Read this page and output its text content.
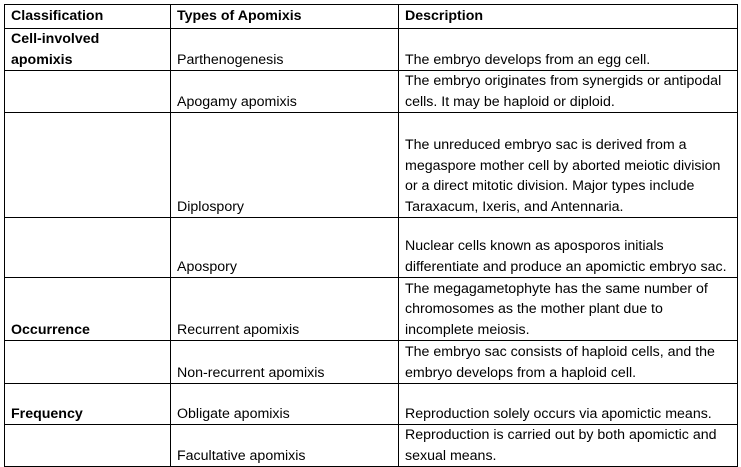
Classification	Types of Apomixis	Description
Cell-involved apomixis	Parthenogenesis	The embryo develops from an egg cell.
	Apogamy apomixis	The embryo originates from synergids or antipodal cells. It may be haploid or diploid.
	Diplospory	The unreduced embryo sac is derived from a megaspore mother cell by aborted meiotic division or a direct mitotic division. Major types include Taraxacum, Ixeris, and Antennaria.
	Apospory	Nuclear cells known as aposporos initials differentiate and produce an apomictic embryo sac.
Occurrence	Recurrent apomixis	The megagametophyte has the same number of chromosomes as the mother plant due to incomplete meiosis.
	Non-recurrent apomixis	The embryo sac consists of haploid cells, and the embryo develops from a haploid cell.
Frequency	Obligate apomixis	Reproduction solely occurs via apomictic means.
	Facultative apomixis	Reproduction is carried out by both apomictic and sexual means.
